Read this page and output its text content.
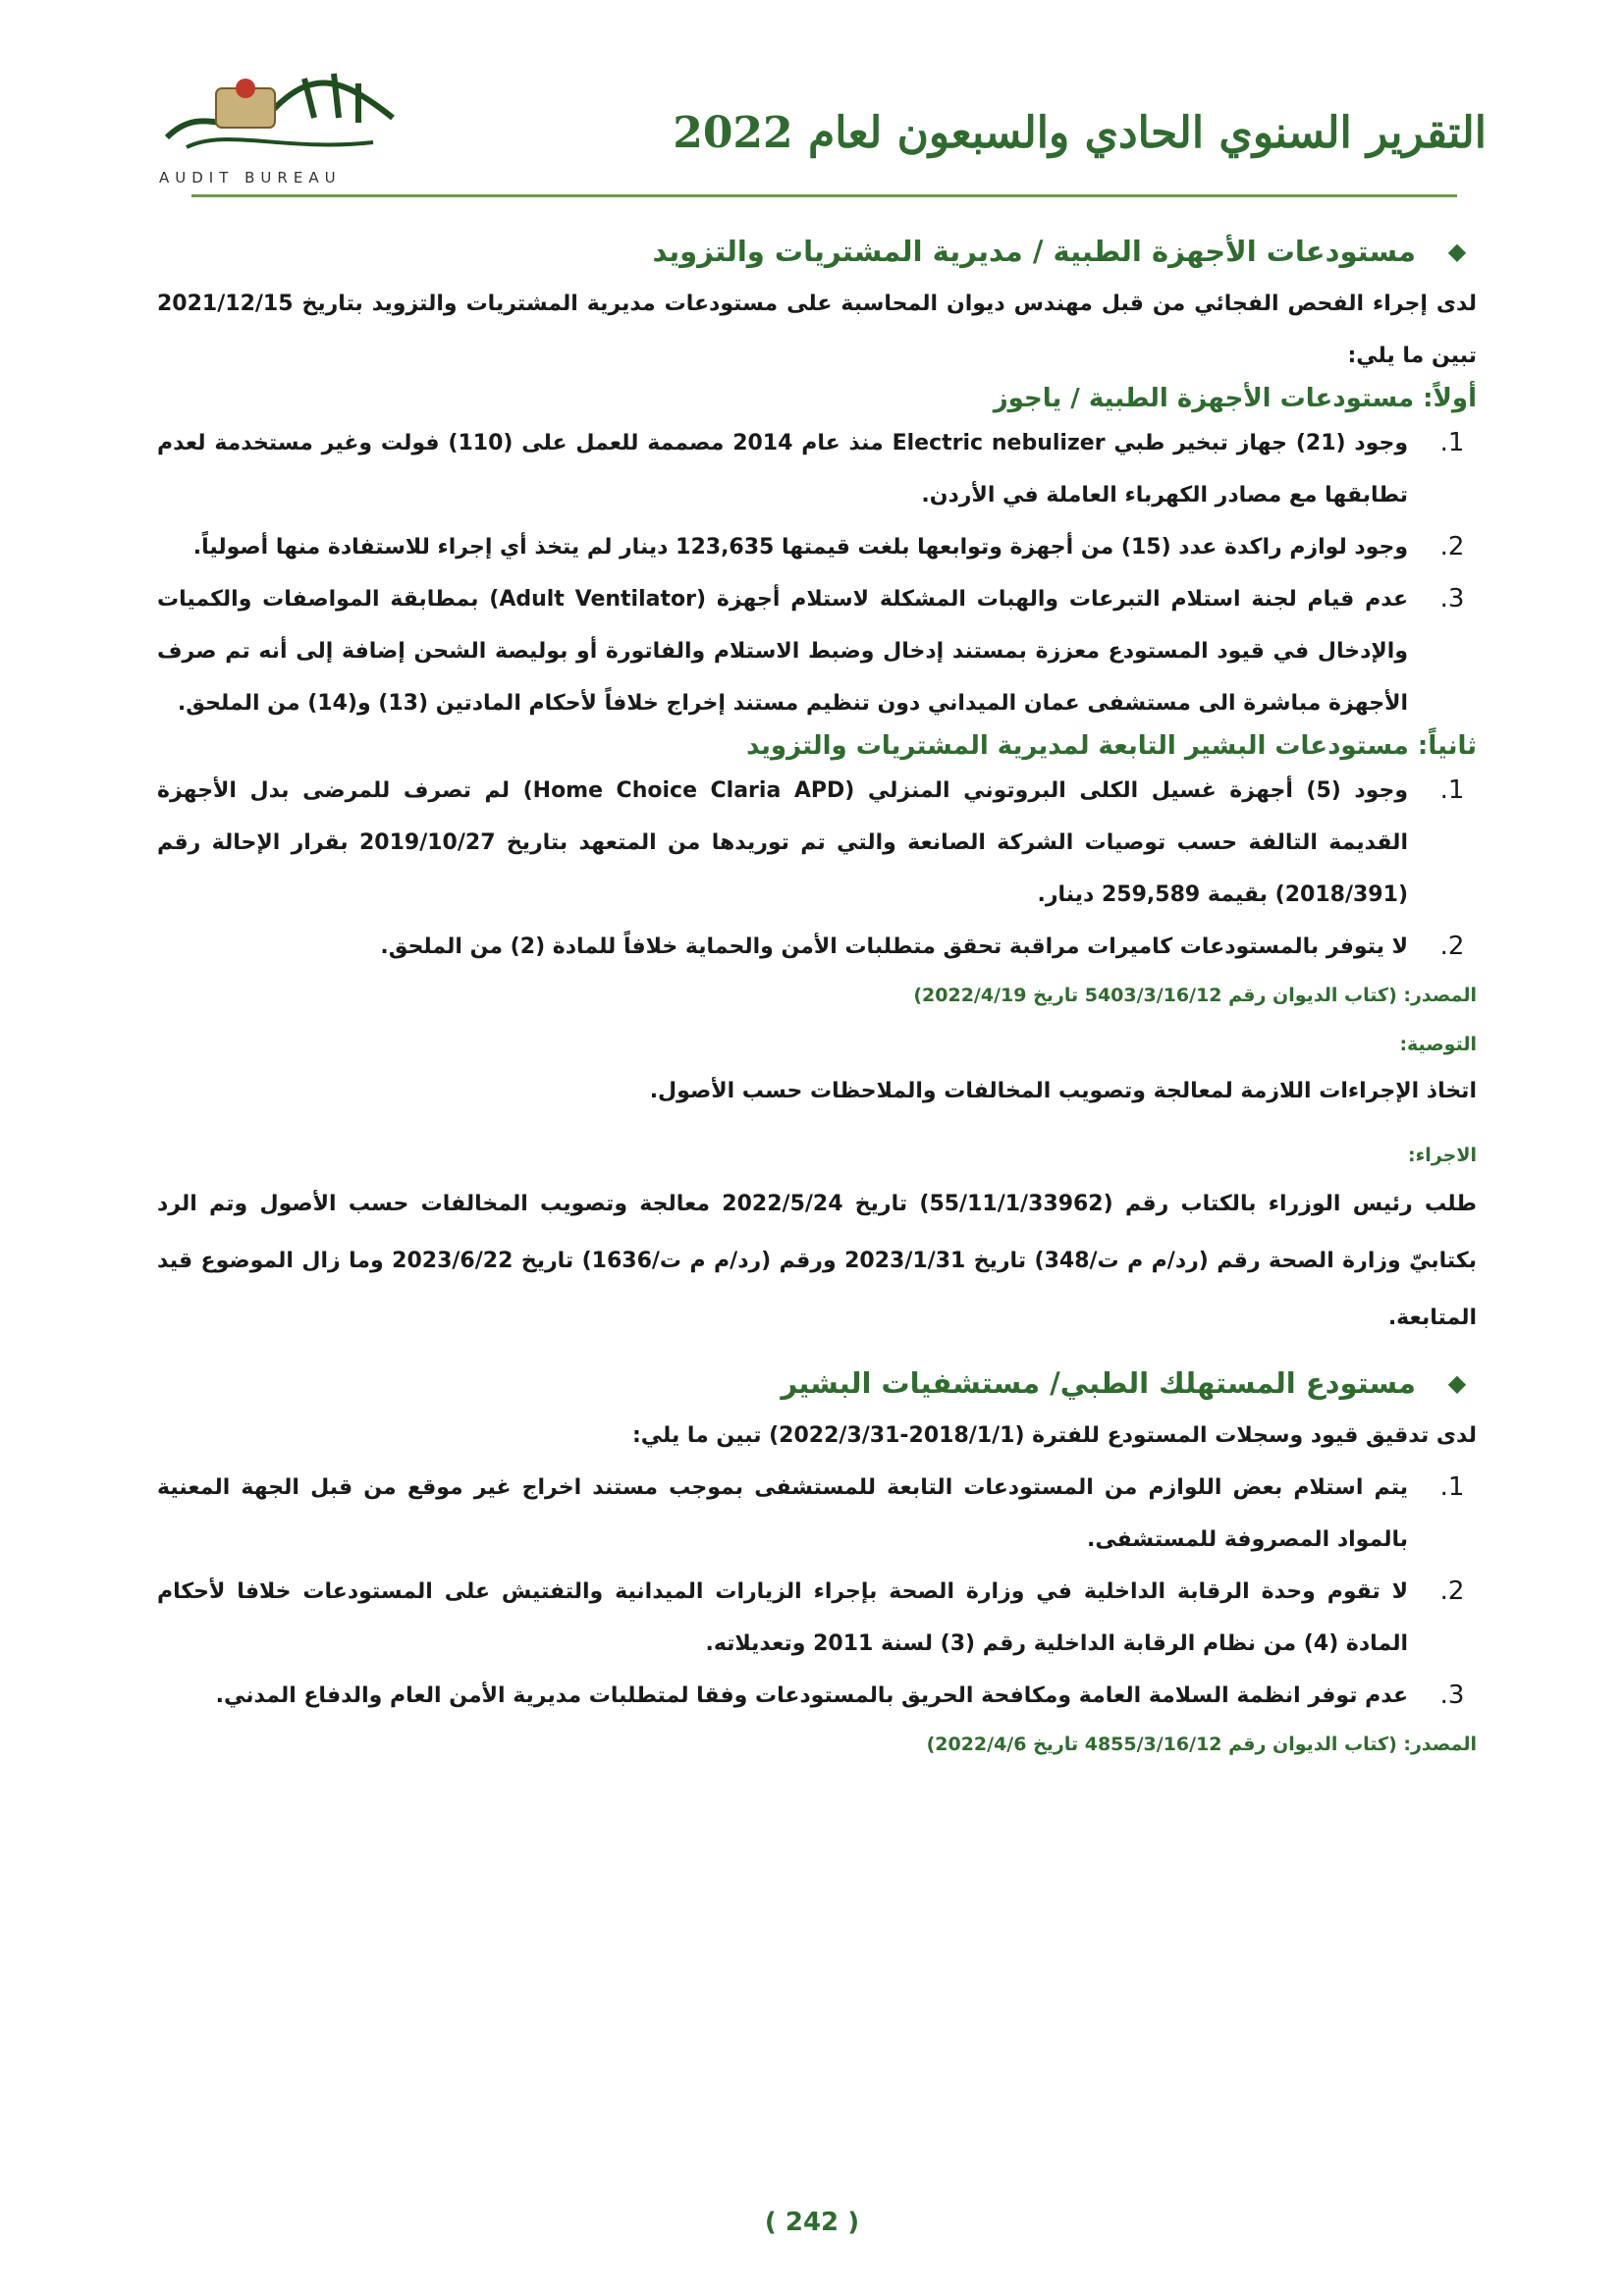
التقرير السنوي الحادي والسبعون لعام 2022
AUDIT BUREAU
◆
مستودعات الأجهزة الطبية / مديرية المشتريات والتزويد

لدى إجراء الفحص الفجائي من قبل مهندس ديوان المحاسبة على مستودعات مديرية المشتريات والتزويد بتاريخ 2021/12/15 تبين ما يلي:

أولاً: مستودعات الأجهزة الطبية / ياجوز
1.
وجود (21) جهاز تبخير طبي Electric nebulizer منذ عام 2014 مصممة للعمل على (110) فولت وغير مستخدمة لعدم تطابقها مع مصادر الكهرباء العاملة في الأردن.
2.
وجود لوازم راكدة عدد (15) من أجهزة وتوابعها بلغت قيمتها 123,635 دينار لم يتخذ أي إجراء للاستفادة منها أصولياً.
3.
عدم قيام لجنة استلام التبرعات والهبات المشكلة لاستلام أجهزة (Adult Ventilator) بمطابقة المواصفات والكميات والإدخال في قيود المستودع معززة بمستند إدخال وضبط الاستلام والفاتورة أو بوليصة الشحن إضافة إلى أنه تم صرف الأجهزة مباشرة الى مستشفى عمان الميداني دون تنظيم مستند إخراج خلافاً لأحكام المادتين (13) و(14) من الملحق.
ثانياً: مستودعات البشير التابعة لمديرية المشتريات والتزويد
1.
وجود (5) أجهزة غسيل الكلى البروتوني المنزلي (Home Choice Claria APD) لم تصرف للمرضى بدل الأجهزة القديمة التالفة حسب توصيات الشركة الصانعة والتي تم توريدها من المتعهد بتاريخ 2019/10/27 بقرار الإحالة رقم (2018/391) بقيمة 259,589 دينار.
2.
لا يتوفر بالمستودعات كاميرات مراقبة تحقق متطلبات الأمن والحماية خلافاً للمادة (2) من الملحق.
المصدر: (كتاب الديوان رقم 5403/3/16/12 تاريخ 2022/4/19)
التوصية:

اتخاذ الإجراءات اللازمة لمعالجة وتصويب المخالفات والملاحظات حسب الأصول.

الاجراء:

طلب رئيس الوزراء بالكتاب رقم (55/11/1/33962) تاريخ 2022/5/24 معالجة وتصويب المخالفات حسب الأصول وتم الرد بكتابيّ وزارة الصحة رقم (رد/م م ت/348) تاريخ 2023/1/31 ورقم (رد/م م ت/1636) تاريخ 2023/6/22 وما زال الموضوع قيد المتابعة.

◆
مستودع المستهلك الطبي/ مستشفيات البشير

لدى تدقيق قيود وسجلات المستودع للفترة (2018/1/1-2022/3/31) تبين ما يلي:

1.
يتم استلام بعض اللوازم من المستودعات التابعة للمستشفى بموجب مستند اخراج غير موقع من قبل الجهة المعنية بالمواد المصروفة للمستشفى.
2.
لا تقوم وحدة الرقابة الداخلية في وزارة الصحة بإجراء الزيارات الميدانية والتفتيش على المستودعات خلافا لأحكام المادة (4) من نظام الرقابة الداخلية رقم (3) لسنة 2011 وتعديلاته.
3.
عدم توفر انظمة السلامة العامة ومكافحة الحريق بالمستودعات وفقا لمتطلبات مديرية الأمن العام والدفاع المدني.
المصدر: (كتاب الديوان رقم 4855/3/16/12 تاريخ 2022/4/6)
( 242 )
